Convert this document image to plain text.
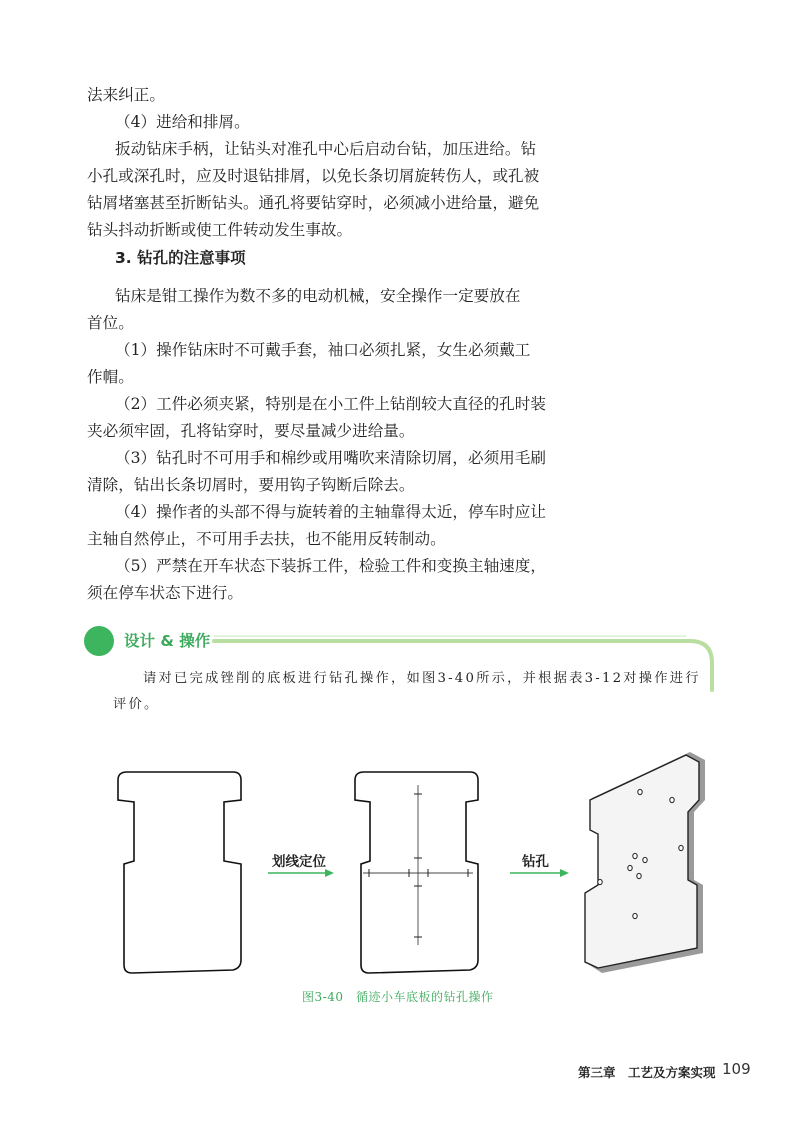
法来纠正。

（4）进给和排屑。

扳动钻床手柄，让钻头对准孔中心后启动台钻，加压进给。钻

小孔或深孔时，应及时退钻排屑，以免长条切屑旋转伤人，或孔被

钻屑堵塞甚至折断钻头。通孔将要钻穿时，必须减小进给量，避免

钻头抖动折断或使工件转动发生事故。

3. 钻孔的注意事项

钻床是钳工操作为数不多的电动机械，安全操作一定要放在

首位。

（1）操作钻床时不可戴手套，袖口必须扎紧，女生必须戴工

作帽。

（2）工件必须夹紧，特别是在小工件上钻削较大直径的孔时装

夹必须牢固，孔将钻穿时，要尽量减少进给量。

（3）钻孔时不可用手和棉纱或用嘴吹来清除切屑，必须用毛刷

清除，钻出长条切屑时，要用钩子钩断后除去。

（4）操作者的头部不得与旋转着的主轴靠得太近，停车时应让

主轴自然停止，不可用手去扶，也不能用反转制动。

（5）严禁在开车状态下装拆工件，检验工件和变换主轴速度，

须在停车状态下进行。

设计 & 操作
请对已完成锉削的底板进行钻孔操作，如图3-40所示，并根据表3-12对操作进行
评价。
划线定位	钻孔
图3-40　循迹小车底板的钻孔操作
第三章　工艺及方案实现 109
